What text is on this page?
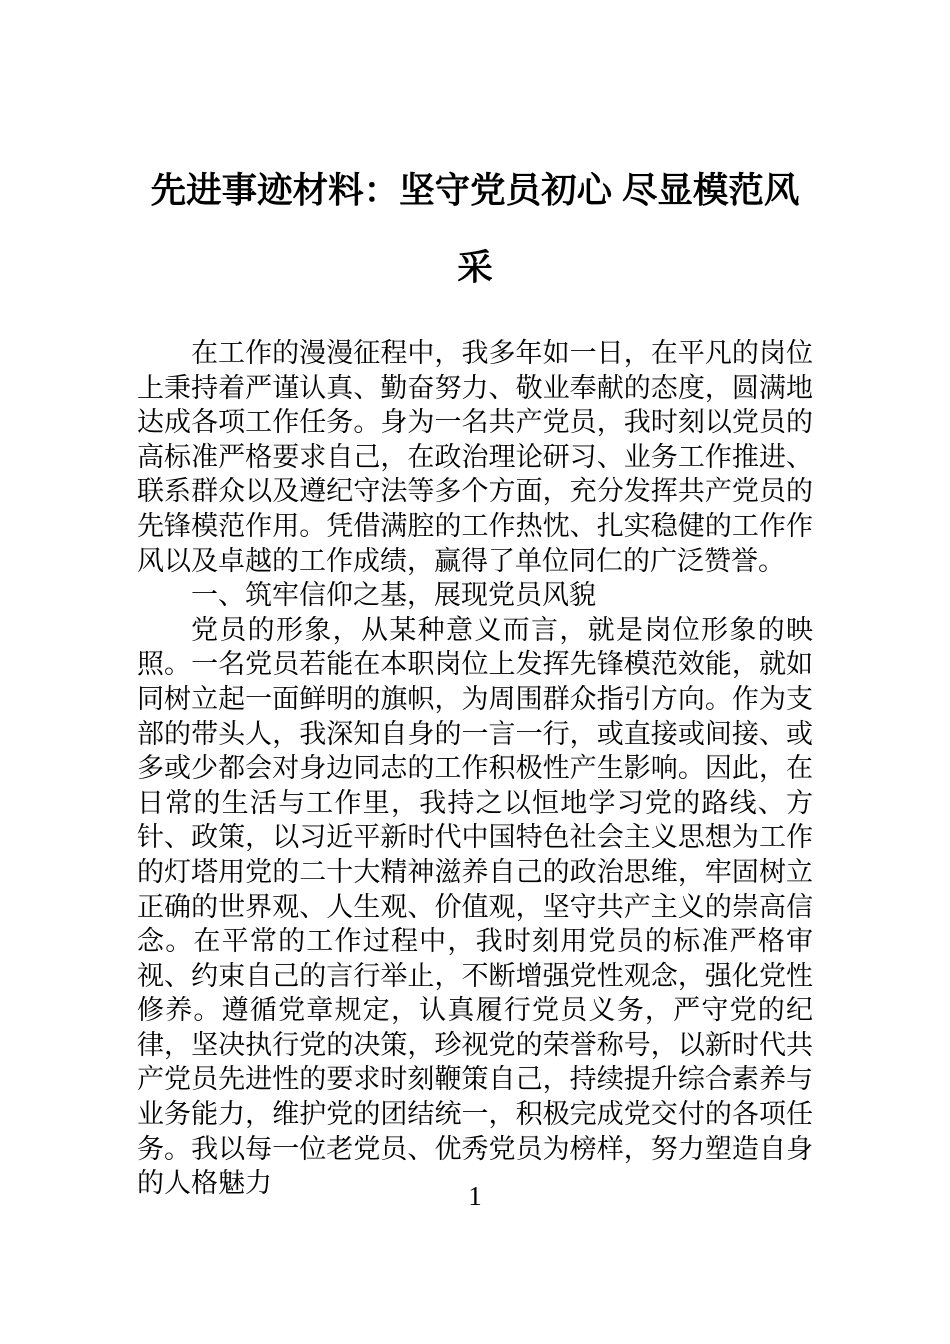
先进事迹材料：坚守党员初心 尽显模范风采

在工作的漫漫征程中，我多年如一日，在平凡的岗位上秉持着严谨认真、勤奋努力、敬业奉献的态度，圆满地达成各项工作任务。身为一名共产党员，我时刻以党员的高标准严格要求自己，在政治理论研习、业务工作推进、联系群众以及遵纪守法等多个方面，充分发挥共产党员的先锋模范作用。凭借满腔的工作热忱、扎实稳健的工作作风以及卓越的工作成绩，赢得了单位同仁的广泛赞誉。

一、筑牢信仰之基，展现党员风貌

党员的形象，从某种意义而言，就是岗位形象的映照。一名党员若能在本职岗位上发挥先锋模范效能，就如同树立起一面鲜明的旗帜，为周围群众指引方向。作为支部的带头人，我深知自身的一言一行，或直接或间接、或多或少都会对身边同志的工作积极性产生影响。因此，在日常的生活与工作里，我持之以恒地学习党的路线、方针、政策，以习近平新时代中国特色社会主义思想为工作的灯塔用党的二十大精神滋养自己的政治思维，牢固树立正确的世界观、人生观、价值观，坚守共产主义的崇高信念。在平常的工作过程中，我时刻用党员的标准严格审视、约束自己的言行举止，不断增强党性观念，强化党性修养。遵循党章规定，认真履行党员义务，严守党的纪律，坚决执行党的决策，珍视党的荣誉称号，以新时代共产党员先进性的要求时刻鞭策自己，持续提升综合素养与业务能力，维护党的团结统一，积极完成党交付的各项任务。我以每一位老党员、优秀党员为榜样，努力塑造自身的人格魅力	1
